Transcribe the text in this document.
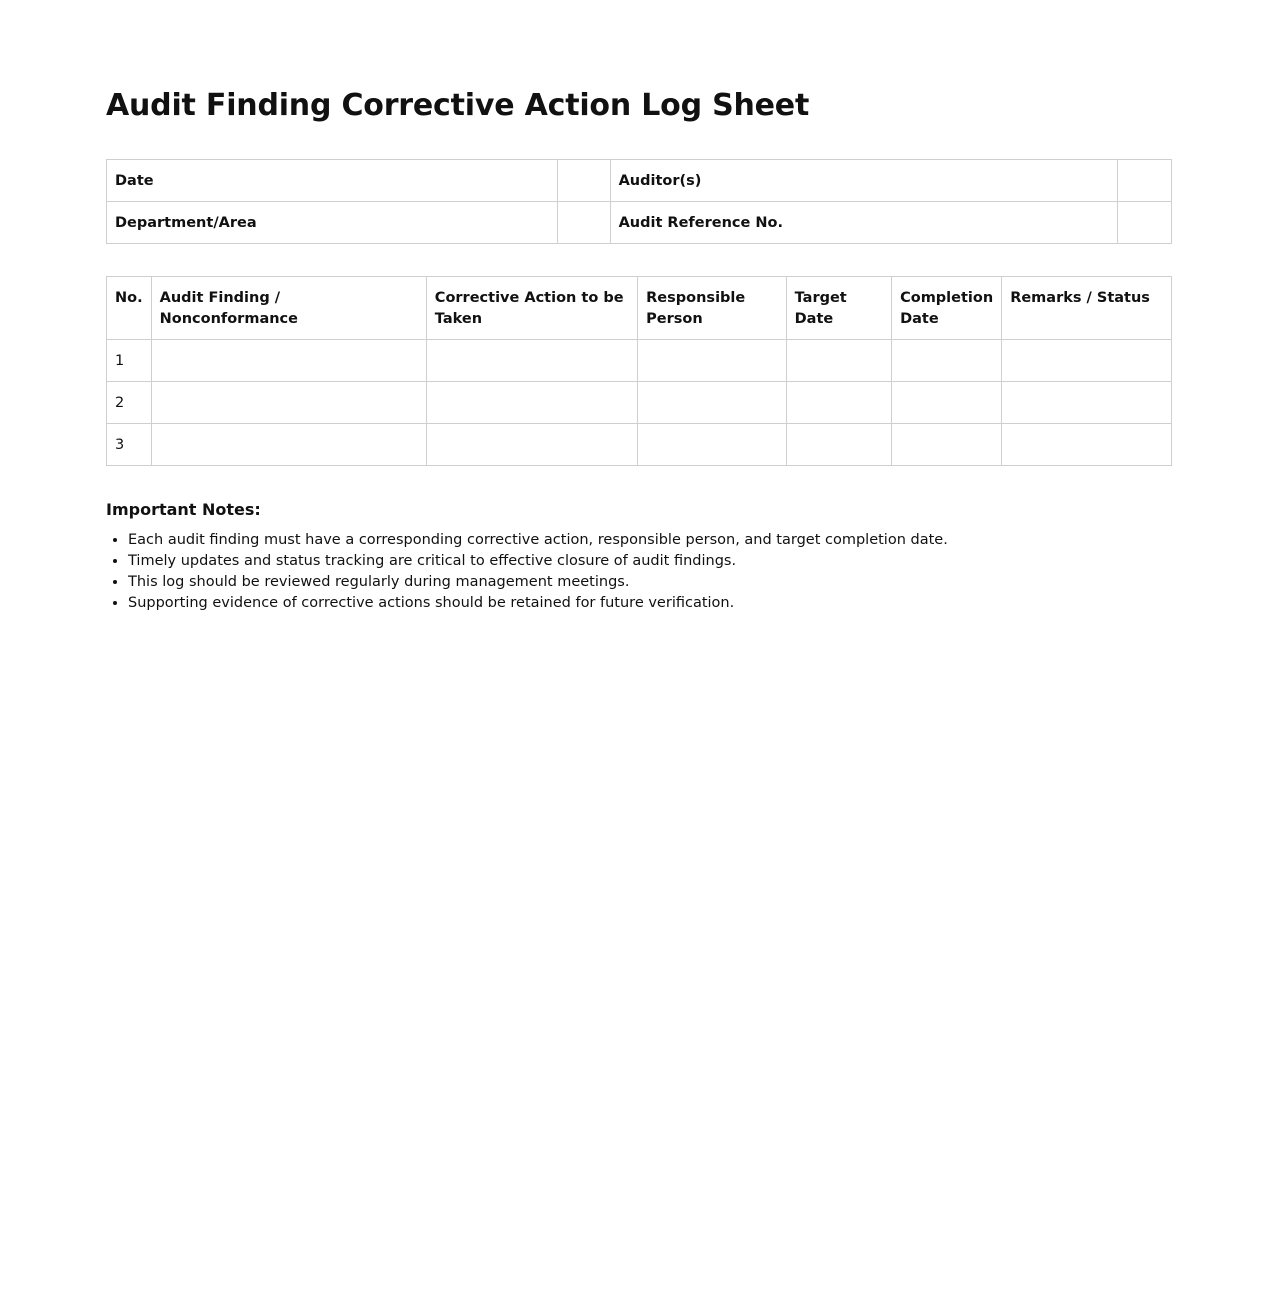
Audit Finding Corrective Action Log Sheet
Date		Auditor(s)	
Department/Area		Audit Reference No.	
No.	Audit Finding / Nonconformance	Corrective Action to be Taken	Responsible Person	Target Date	Completion Date	Remarks / Status
1						
2						
3						
Important Notes:
• Each audit finding must have a corresponding corrective action, responsible person, and target completion date.
• Timely updates and status tracking are critical to effective closure of audit findings.
• This log should be reviewed regularly during management meetings.
• Supporting evidence of corrective actions should be retained for future verification.
